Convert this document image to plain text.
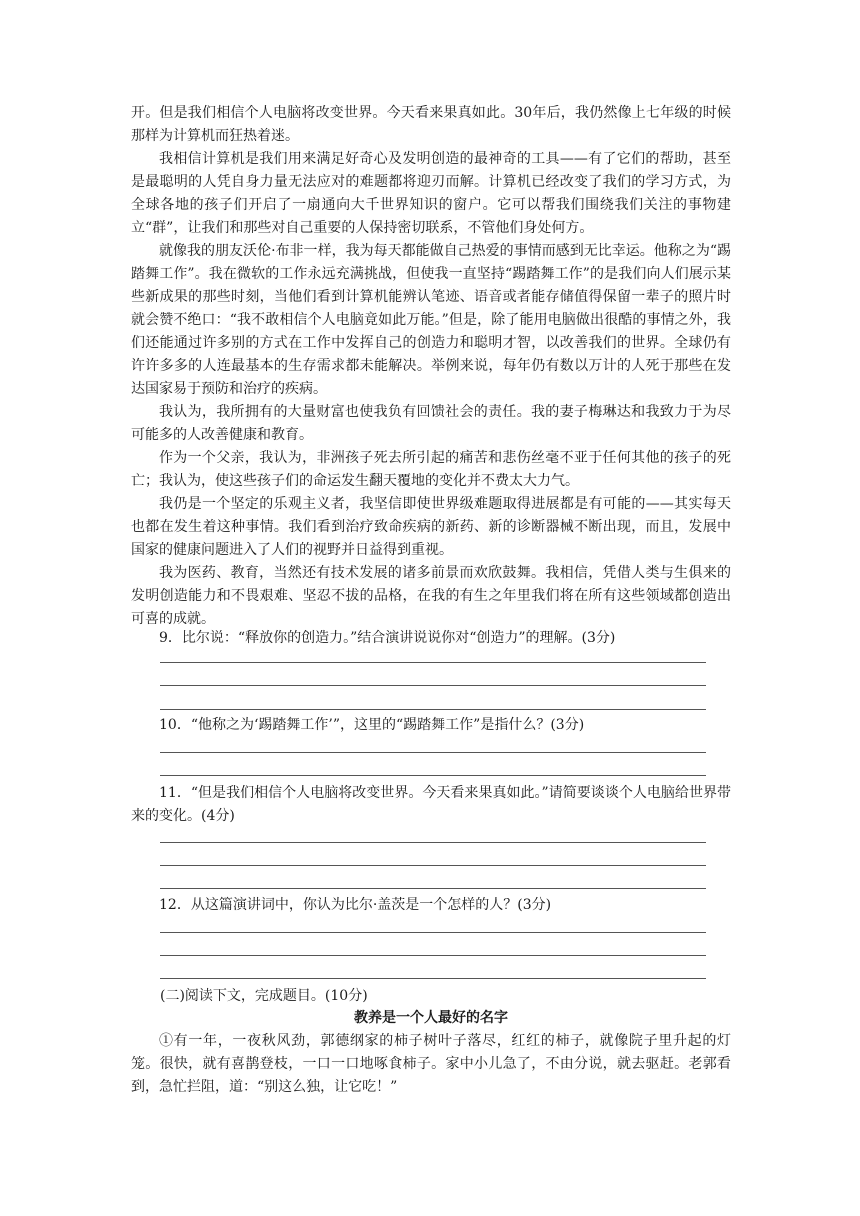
开。但是我们相信个人电脑将改变世界。今天看来果真如此。30年后，我仍然像上七年级的时候那样为计算机而狂热着迷。

我相信计算机是我们用来满足好奇心及发明创造的最神奇的工具——有了它们的帮助，甚至是最聪明的人凭自身力量无法应对的难题都将迎刃而解。计算机已经改变了我们的学习方式，为全球各地的孩子们开启了一扇通向大千世界知识的窗户。它可以帮我们围绕我们关注的事物建立“群”，让我们和那些对自己重要的人保持密切联系，不管他们身处何方。

就像我的朋友沃伦·布非一样，我为每天都能做自己热爱的事情而感到无比幸运。他称之为“踢踏舞工作”。我在微软的工作永远充满挑战，但使我一直坚持“踢踏舞工作”的是我们向人们展示某些新成果的那些时刻，当他们看到计算机能辨认笔迹、语音或者能存储值得保留一辈子的照片时就会赞不绝口：“我不敢相信个人电脑竟如此万能。”但是，除了能用电脑做出很酷的事情之外，我们还能通过许多别的方式在工作中发挥自己的创造力和聪明才智，以改善我们的世界。全球仍有许许多多的人连最基本的生存需求都未能解决。举例来说，每年仍有数以万计的人死于那些在发达国家易于预防和治疗的疾病。

我认为，我所拥有的大量财富也使我负有回馈社会的责任。我的妻子梅琳达和我致力于为尽可能多的人改善健康和教育。

作为一个父亲，我认为，非洲孩子死去所引起的痛苦和悲伤丝毫不亚于任何其他的孩子的死亡；我认为，使这些孩子们的命运发生翻天覆地的变化并不费太大力气。

我仍是一个坚定的乐观主义者，我坚信即使世界级难题取得进展都是有可能的——其实每天也都在发生着这种事情。我们看到治疗致命疾病的新药、新的诊断器械不断出现，而且，发展中国家的健康问题进入了人们的视野并日益得到重视。

我为医药、教育，当然还有技术发展的诸多前景而欢欣鼓舞。我相信，凭借人类与生俱来的发明创造能力和不畏艰难、坚忍不拔的品格，在我的有生之年里我们将在所有这些领域都创造出可喜的成就。

9．比尔说：“释放你的创造力。”结合演讲说说你对“创造力”的理解。(3分)

10．“他称之为‘踢踏舞工作’”，这里的“踢踏舞工作”是指什么？(3分)

11．“但是我们相信个人电脑将改变世界。今天看来果真如此。”请简要谈谈个人电脑给世界带来的变化。(4分)

12．从这篇演讲词中，你认为比尔·盖茨是一个怎样的人？(3分)

(二)阅读下文，完成题目。(10分)

教养是一个人最好的名字

①有一年，一夜秋风劲，郭德纲家的柿子树叶子落尽，红红的柿子，就像院子里升起的灯笼。很快，就有喜鹊登枝，一口一口地啄食柿子。家中小儿急了，不由分说，就去驱赶。老郭看到，急忙拦阻，道：“别这么独，让它吃！”
